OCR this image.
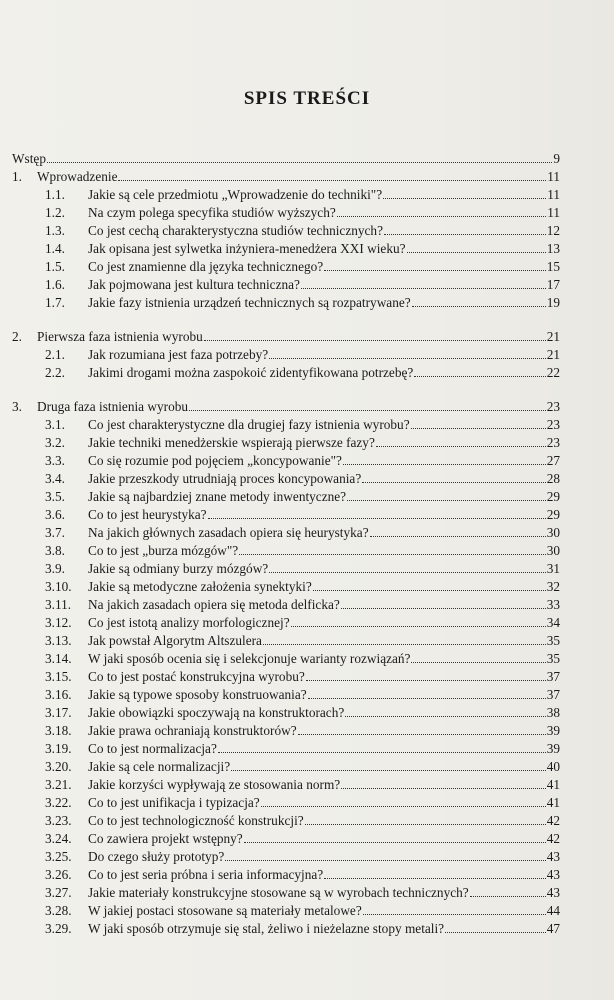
SPIS TREŚCI
Wstęp	9
1.	Wprowadzenie	11
1.1.	Jakie są cele przedmiotu „Wprowadzenie do techniki"?	11
1.2.	Na czym polega specyfika studiów wyższych?	11
1.3.	Co jest cechą charakterystyczna studiów technicznych?	12
1.4.	Jak opisana jest sylwetka inżyniera-menedżera XXI wieku?	13
1.5.	Co jest znamienne dla języka technicznego?	15
1.6.	Jak pojmowana jest kultura techniczna?	17
1.7.	Jakie fazy istnienia urządzeń technicznych są rozpatrywane?	19
2.	Pierwsza faza istnienia wyrobu	21
2.1.	Jak rozumiana jest faza potrzeby?	21
2.2.	Jakimi drogami można zaspokoić zidentyfikowana potrzebę?	22
3.	Druga faza istnienia wyrobu	23
3.1.	Co jest charakterystyczne dla drugiej fazy istnienia wyrobu?	23
3.2.	Jakie techniki menedżerskie wspierają pierwsze fazy?	23
3.3.	Co się rozumie pod pojęciem „koncypowanie"?	27
3.4.	Jakie przeszkody utrudniają proces koncypowania?	28
3.5.	Jakie są najbardziej znane metody inwentyczne?	29
3.6.	Co to jest heurystyka?	29
3.7.	Na jakich głównych zasadach opiera się heurystyka?	30
3.8.	Co to jest „burza mózgów"?	30
3.9.	Jakie są odmiany burzy mózgów?	31
3.10.	Jakie są metodyczne założenia synektyki?	32
3.11.	Na jakich zasadach opiera się metoda delficka?	33
3.12.	Co jest istotą analizy morfologicznej?	34
3.13.	Jak powstał Algorytm Altszulera	35
3.14.	W jaki sposób ocenia się i selekcjonuje warianty rozwiązań?	35
3.15.	Co to jest postać konstrukcyjna wyrobu?	37
3.16.	Jakie są typowe sposoby konstruowania?	37
3.17.	Jakie obowiązki spoczywają na konstruktorach?	38
3.18.	Jakie prawa ochraniają konstruktorów?	39
3.19.	Co to jest normalizacja?	39
3.20.	Jakie są cele normalizacji?	40
3.21.	Jakie korzyści wypływają ze stosowania norm?	41
3.22.	Co to jest unifikacja i typizacja?	41
3.23.	Co to jest technologiczność konstrukcji?	42
3.24.	Co zawiera projekt wstępny?	42
3.25.	Do czego służy prototyp?	43
3.26.	Co to jest seria próbna i seria informacyjna?	43
3.27.	Jakie materiały konstrukcyjne stosowane są w wyrobach technicznych?	43
3.28.	W jakiej postaci stosowane są materiały metalowe?	44
3.29.	W jaki sposób otrzymuje się stal, żeliwo i nieżelazne stopy metali?	47
